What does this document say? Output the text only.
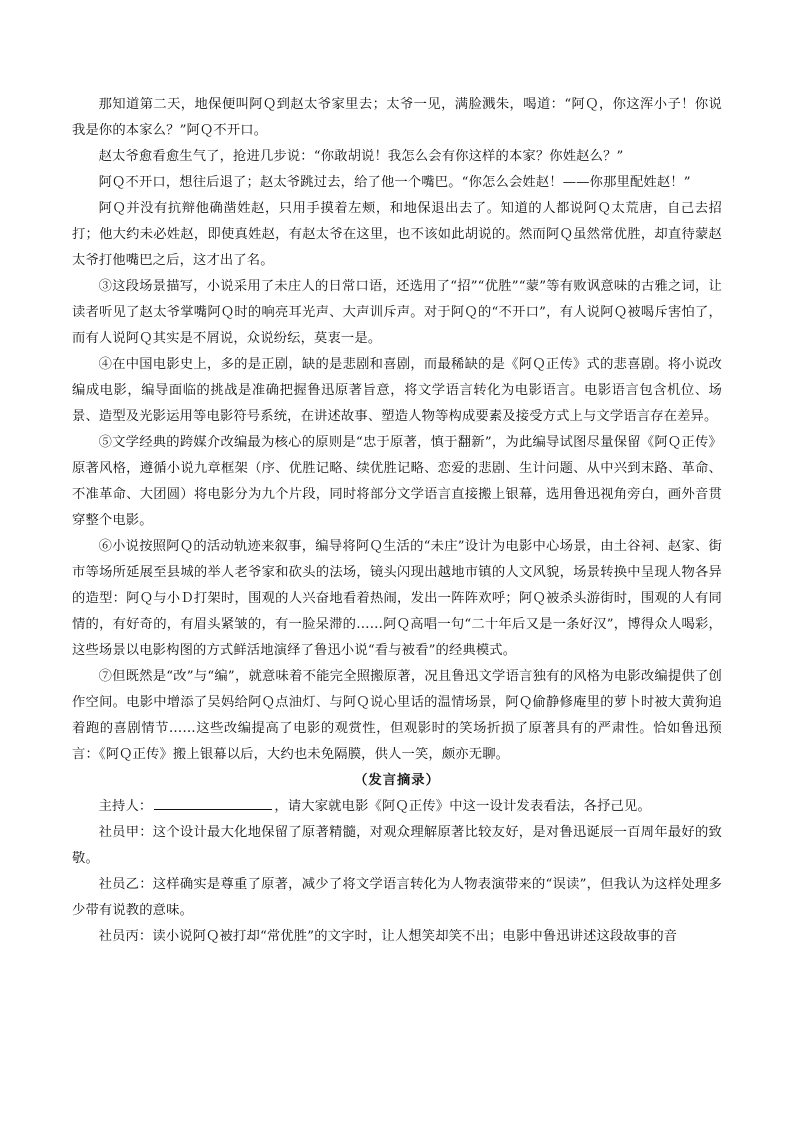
那知道第二天，地保便叫阿Ｑ到赵太爷家里去；太爷一见，满脸溅朱，喝道：“阿Ｑ，你这浑小子！你说我是你的本家么？”阿Ｑ不开口。

赵太爷愈看愈生气了，抢进几步说：“你敢胡说！我怎么会有你这样的本家？你姓赵么？”

阿Ｑ不开口，想往后退了；赵太爷跳过去，给了他一个嘴巴。“你怎么会姓赵！——你那里配姓赵！”

阿Ｑ并没有抗辩他确凿姓赵，只用手摸着左颊，和地保退出去了。知道的人都说阿Ｑ太荒唐，自己去招打；他大约未必姓赵，即使真姓赵，有赵太爷在这里，也不该如此胡说的。然而阿Ｑ虽然常优胜，却直待蒙赵太爷打他嘴巴之后，这才出了名。

③这段场景描写，小说采用了未庄人的日常口语，还选用了“招”“优胜”“蒙”等有败讽意味的古雅之词，让读者听见了赵太爷掌嘴阿Ｑ时的响亮耳光声、大声训斥声。对于阿Ｑ的“不开口”，有人说阿Ｑ被喝斥害怕了，而有人说阿Ｑ其实是不屑说，众说纷纭，莫衷一是。

④在中国电影史上，多的是正剧，缺的是悲剧和喜剧，而最稀缺的是《阿Ｑ正传》式的悲喜剧。将小说改编成电影，编导面临的挑战是准确把握鲁迅原著旨意，将文学语言转化为电影语言。电影语言包含机位、场景、造型及光影运用等电影符号系统，在讲述故事、塑造人物等构成要素及接受方式上与文学语言存在差异。

⑤文学经典的跨媒介改编最为核心的原则是“忠于原著，慎于翻新”，为此编导试图尽量保留《阿Ｑ正传》原著风格，遵循小说九章框架（序、优胜记略、续优胜记略、恋爱的悲剧、生计问题、从中兴到末路、革命、不准革命、大团圆）将电影分为九个片段，同时将部分文学语言直接搬上银幕，选用鲁迅视角旁白，画外音贯穿整个电影。

⑥小说按照阿Ｑ的活动轨迹来叙事，编导将阿Ｑ生活的“未庄”设计为电影中心场景，由土谷祠、赵家、街市等场所延展至县城的举人老爷家和砍头的法场，镜头闪现出越地市镇的人文风貌，场景转换中呈现人物各异的造型：阿Ｑ与小Ｄ打架时，围观的人兴奋地看着热闹，发出一阵阵欢呼；阿Ｑ被杀头游街时，围观的人有同情的，有好奇的，有眉头紧皱的，有一脸呆滞的……阿Ｑ高唱一句“二十年后又是一条好汉”，博得众人喝彩，这些场景以电影构图的方式鲜活地演绎了鲁迅小说“看与被看”的经典模式。

⑦但既然是“改”与“编”，就意味着不能完全照搬原著，况且鲁迅文学语言独有的风格为电影改编提供了创作空间。电影中增添了吴妈给阿Ｑ点油灯、与阿Ｑ说心里话的温情场景，阿Ｑ偷静修庵里的萝卜时被大黄狗追着跑的喜剧情节……这些改编提高了电影的观赏性，但观影时的笑场折损了原著具有的严肃性。恰如鲁迅预言：《阿Ｑ正传》搬上银幕以后，大约也未免隔膜，供人一笑，颇亦无聊。

（发言摘录）

主持人：	，请大家就电影《阿Ｑ正传》中这一设计发表看法，各抒己见。

社员甲：这个设计最大化地保留了原著精髓，对观众理解原著比较友好，是对鲁迅诞辰一百周年最好的致敬。

社员乙：这样确实是尊重了原著，减少了将文学语言转化为人物表演带来的“误读”，但我认为这样处理多少带有说教的意味。

社员丙：读小说阿Ｑ被打却“常优胜”的文字时，让人想笑却笑不出；电影中鲁迅讲述这段故事的音
